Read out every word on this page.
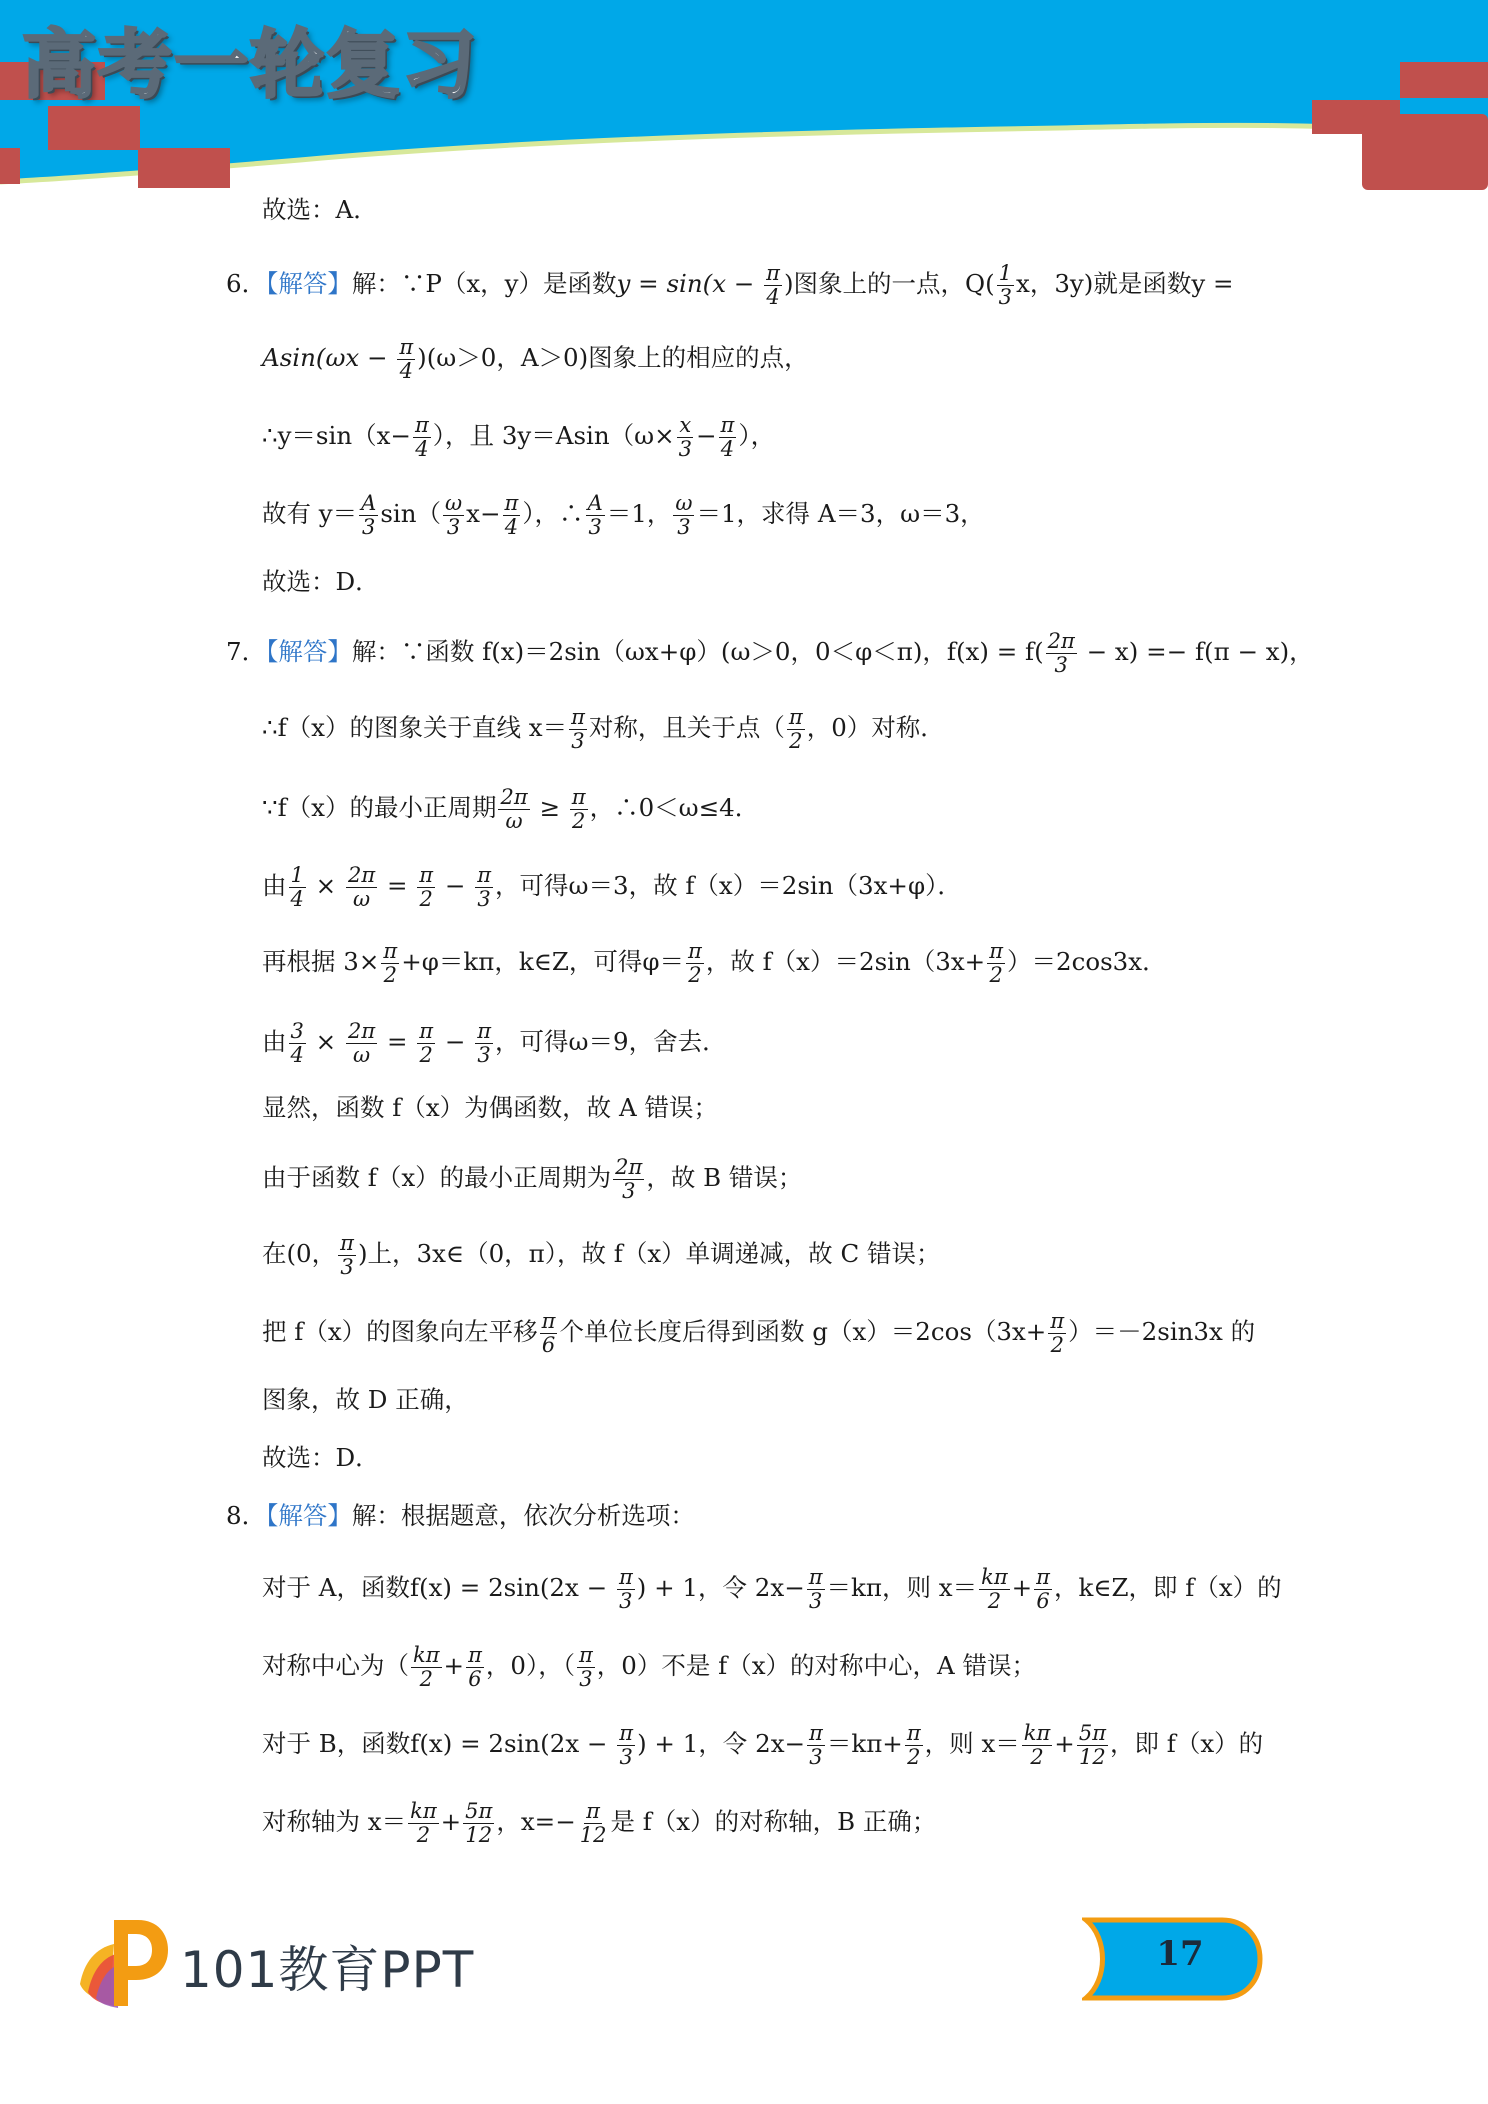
高考一轮复习
故选：A．
6．【解答】解：∵P（x，y）是函数$y = \sin(x - \frac{\pi}{4}$ )图象上的一点，$Q( \frac{1}{3}$ x，3y)就是函数y =
$Asin(\omega x - \frac{\pi}{4} )(\omega>0$，A＞0)图象上的相应的点，
∴y＝sin（x− $\frac{\pi}{4}$ ），且 $3y=Asin(\omega\times \frac{x}{3} - \frac{\pi}{4}$ ），
故有 $y= \frac{A}{3} \sin( \frac{\omega}{3} x- \frac{\pi}{4}$ ），∴ $\frac{A}{3} =1$， $\frac{\omega}{3} =1$，求得 A＝3，ω＝3，
故选：D．
7．【解答】解：∵函数 f(x)＝2sin（ωx+φ）(ω＞0，0＜φ＜π)，$f(x) = f( \frac{2\pi}{3} - x) =- f(\pi - x)$，
∴f（x）的图象关于直线 $x= \frac{\pi}{3}$ 对称，且关于点（ $\frac{\pi}{2}$ ，0）对称．
∵f（x）的最小正周期 $\frac{2\pi}{\omega} \ge \frac{\pi}{2}$ ，∴0＜ω≤4．
由 $\frac{1}{4} \times \frac{2\pi}{\omega} = \frac{\pi}{2} - \frac{\pi}{3}$ ，可得ω＝3，故 f（x）＝2sin（3x+φ）．
再根据 $3\times \frac{\pi}{2} +\varphi=k\pi$，k∈Z，可得$\varphi= \frac{\pi}{2}$ ，故 $f(x)=2\sin(3x+ \frac{\pi}{2} )=2\cos 3x$．
由 $\frac{3}{4} \times \frac{2\pi}{\omega} = \frac{\pi}{2} - \frac{\pi}{3}$ ，可得ω＝9，舍去．
显然，函数 f（x）为偶函数，故 A 错误；
由于函数 f（x）的最小正周期为 $\frac{2\pi}{3}$ ，故 B 错误；
在(0， $\frac{\pi}{3}$ )上，3x∈（0，π），故 f（x）单调递减，故 C 错误；
把 f（x）的图象向左平移 $\frac{\pi}{6}$ 个单位长度后得到函数 $g(x)=2\cos(3x+ \frac{\pi}{2} )=-2\sin 3x$ 的
图象，故 D 正确，
故选：D．
8．【解答】解：根据题意，依次分析选项：
对于 A，函数$f(x) = 2\sin(2x - \frac{\pi}{3}$ ) + 1，令 $2x- \frac{\pi}{3} =k\pi$，则 $x= \frac{k\pi}{2} + \frac{\pi}{6}$ ，k∈Z，即 f（x）的
对称中心为（ $\frac{k\pi}{2} + \frac{\pi}{6}$ ，0），（ $\frac{\pi}{3}$ ，0）不是 f（x）的对称中心，A 错误；
对于 B，函数$f(x) = 2\sin(2x - \frac{\pi}{3}$ ) + 1，令 $2x- \frac{\pi}{3} =k\pi+ \frac{\pi}{2}$ ，则 $x= \frac{k\pi}{2} + \frac{5\pi}{12}$ ，即 f（x）的
对称轴为 $x= \frac{k\pi}{2} + \frac{5\pi}{12}$ ，$x=- \frac{\pi}{12}$ 是 f（x）的对称轴，B 正确；
101教育PPT	17
